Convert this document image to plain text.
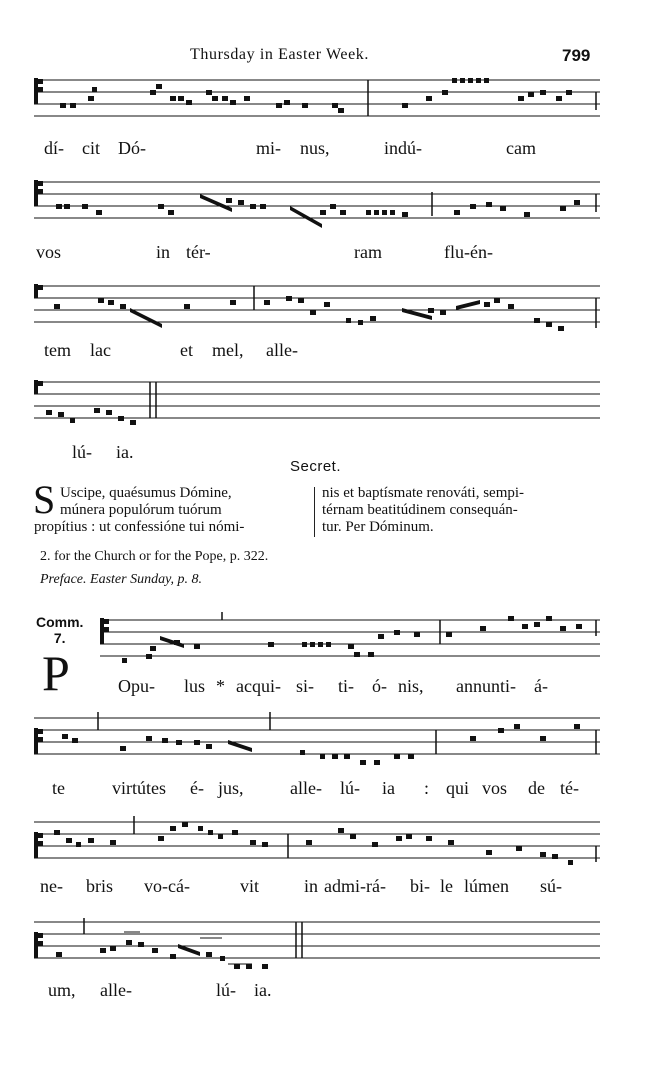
Thursday in Easter Week.	799
dí- cit Dó-	mi- nus,	indú-	cam
vos	in tér-	ram	flu-én-
tem lac	et mel, alle-
lú- ia.
Secret.
S Uscipe, quaésumus Dómine,
múnera populórum tuórum
propítius : ut confessióne tui nómi-
nis et baptísmate renováti, sempi-
térnam beatitúdinem consequán-
tur. Per Dóminum.
2. for the Church or for the Pope, p. 322.
Preface. Easter Sunday, p. 8.
Comm.
7.
P	Opu- lus * acqui- si- ti- ó- nis, annunti- á-
te	virtútes é- jus,	alle- lú- ia : qui vos de té-
ne- bris vo-cá-	vit in admi-rá- bi- le lúmen sú-
um, alle-	lú- ia.
